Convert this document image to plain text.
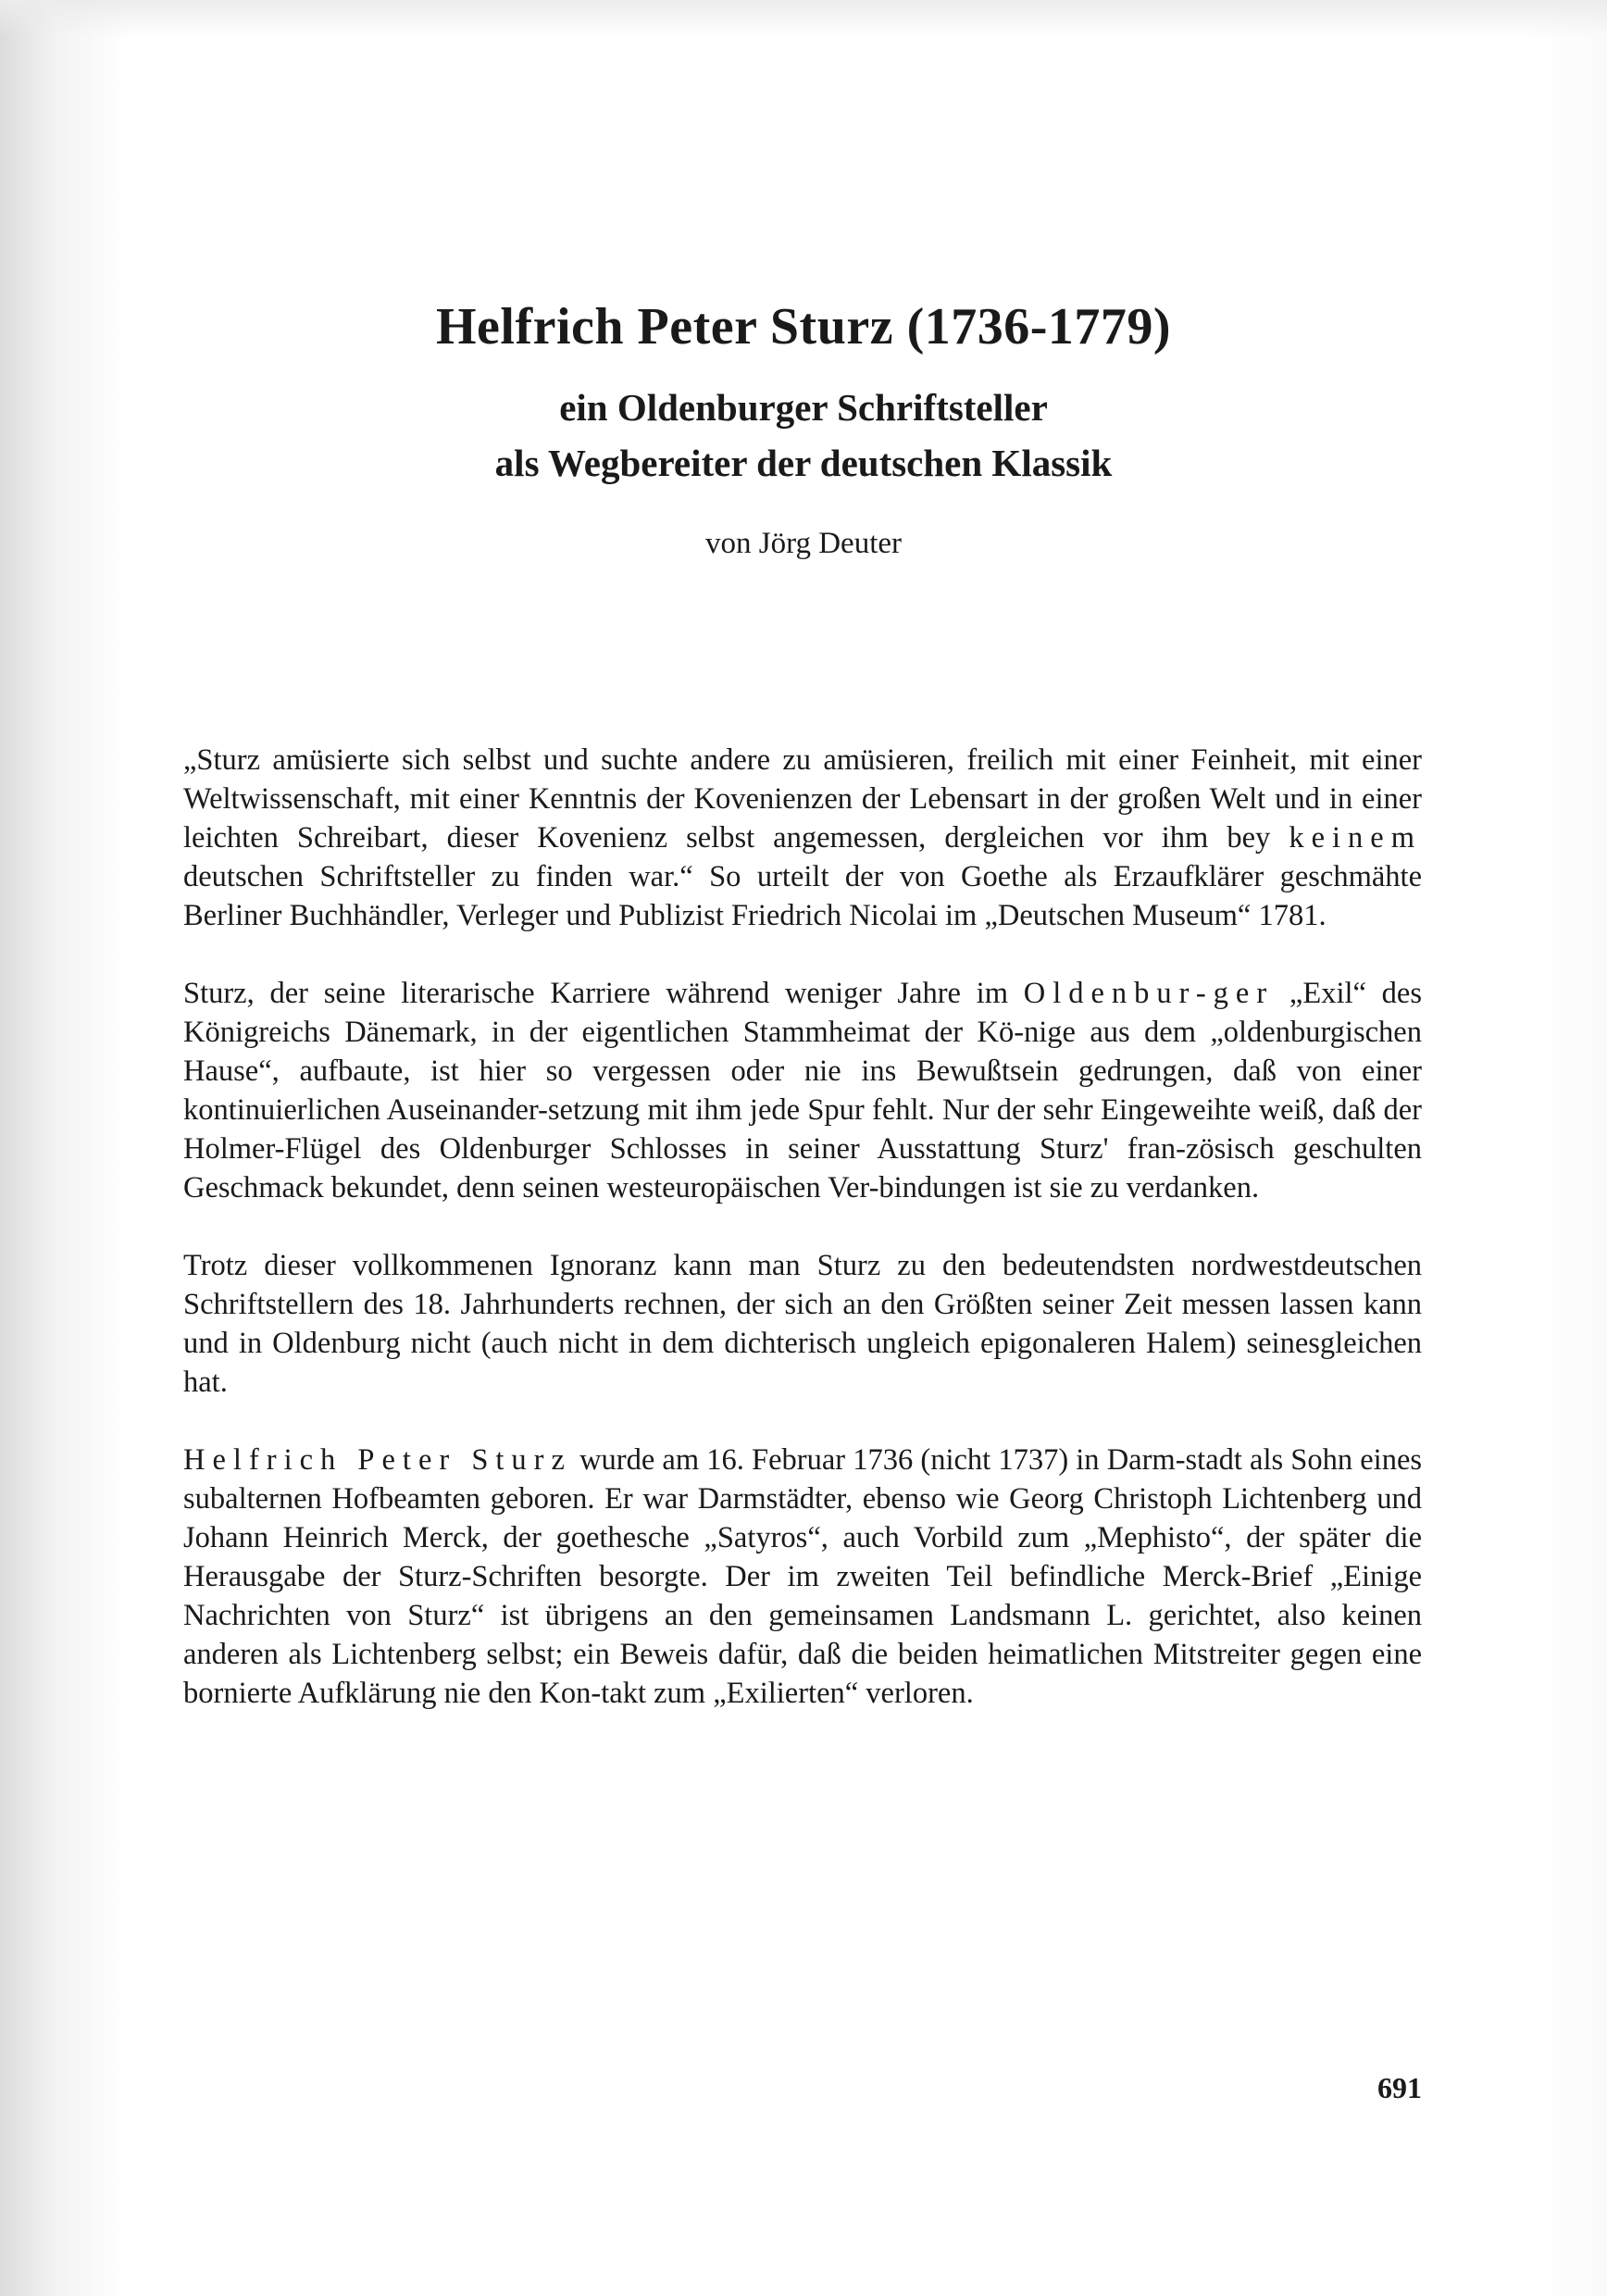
Helfrich Peter Sturz (1736-1779)
ein Oldenburger Schriftsteller
als Wegbereiter der deutschen Klassik
von Jörg Deuter

„Sturz amüsierte sich selbst und suchte andere zu amüsieren, freilich mit einer Feinheit, mit einer Weltwissenschaft, mit einer Kenntnis der Kovenienzen der Lebensart in der großen Welt und in einer leichten Schreibart, dieser Kovenienz selbst angemessen, dergleichen vor ihm bey keinem deutschen Schriftsteller zu finden war.“ So urteilt der von Goethe als Erzaufklärer geschmähte Berliner Buchhändler, Verleger und Publizist Friedrich Nicolai im „Deutschen Museum“ 1781.

Sturz, der seine literarische Karriere während weniger Jahre im Oldenbur-ger „Exil“ des Königreichs Dänemark, in der eigentlichen Stammheimat der Kö-nige aus dem „oldenburgischen Hause“, aufbaute, ist hier so vergessen oder nie ins Bewußtsein gedrungen, daß von einer kontinuierlichen Auseinander-setzung mit ihm jede Spur fehlt. Nur der sehr Eingeweihte weiß, daß der Holmer-Flügel des Oldenburger Schlosses in seiner Ausstattung Sturz' fran-zösisch geschulten Geschmack bekundet, denn seinen westeuropäischen Ver-bindungen ist sie zu verdanken.

Trotz dieser vollkommenen Ignoranz kann man Sturz zu den bedeutendsten nordwestdeutschen Schriftstellern des 18. Jahrhunderts rechnen, der sich an den Größten seiner Zeit messen lassen kann und in Oldenburg nicht (auch nicht in dem dichterisch ungleich epigonaleren Halem) seinesgleichen hat.

Helfrich Peter Sturz wurde am 16. Februar 1736 (nicht 1737) in Darm-stadt als Sohn eines subalternen Hofbeamten geboren. Er war Darmstädter, ebenso wie Georg Christoph Lichtenberg und Johann Heinrich Merck, der goethesche „Satyros“, auch Vorbild zum „Mephisto“, der später die Herausgabe der Sturz-Schriften besorgte. Der im zweiten Teil befindliche Merck-Brief „Einige Nachrichten von Sturz“ ist übrigens an den gemeinsamen Landsmann L. gerichtet, also keinen anderen als Lichtenberg selbst; ein Beweis dafür, daß die beiden heimatlichen Mitstreiter gegen eine bornierte Aufklärung nie den Kon-takt zum „Exilierten“ verloren.

691
